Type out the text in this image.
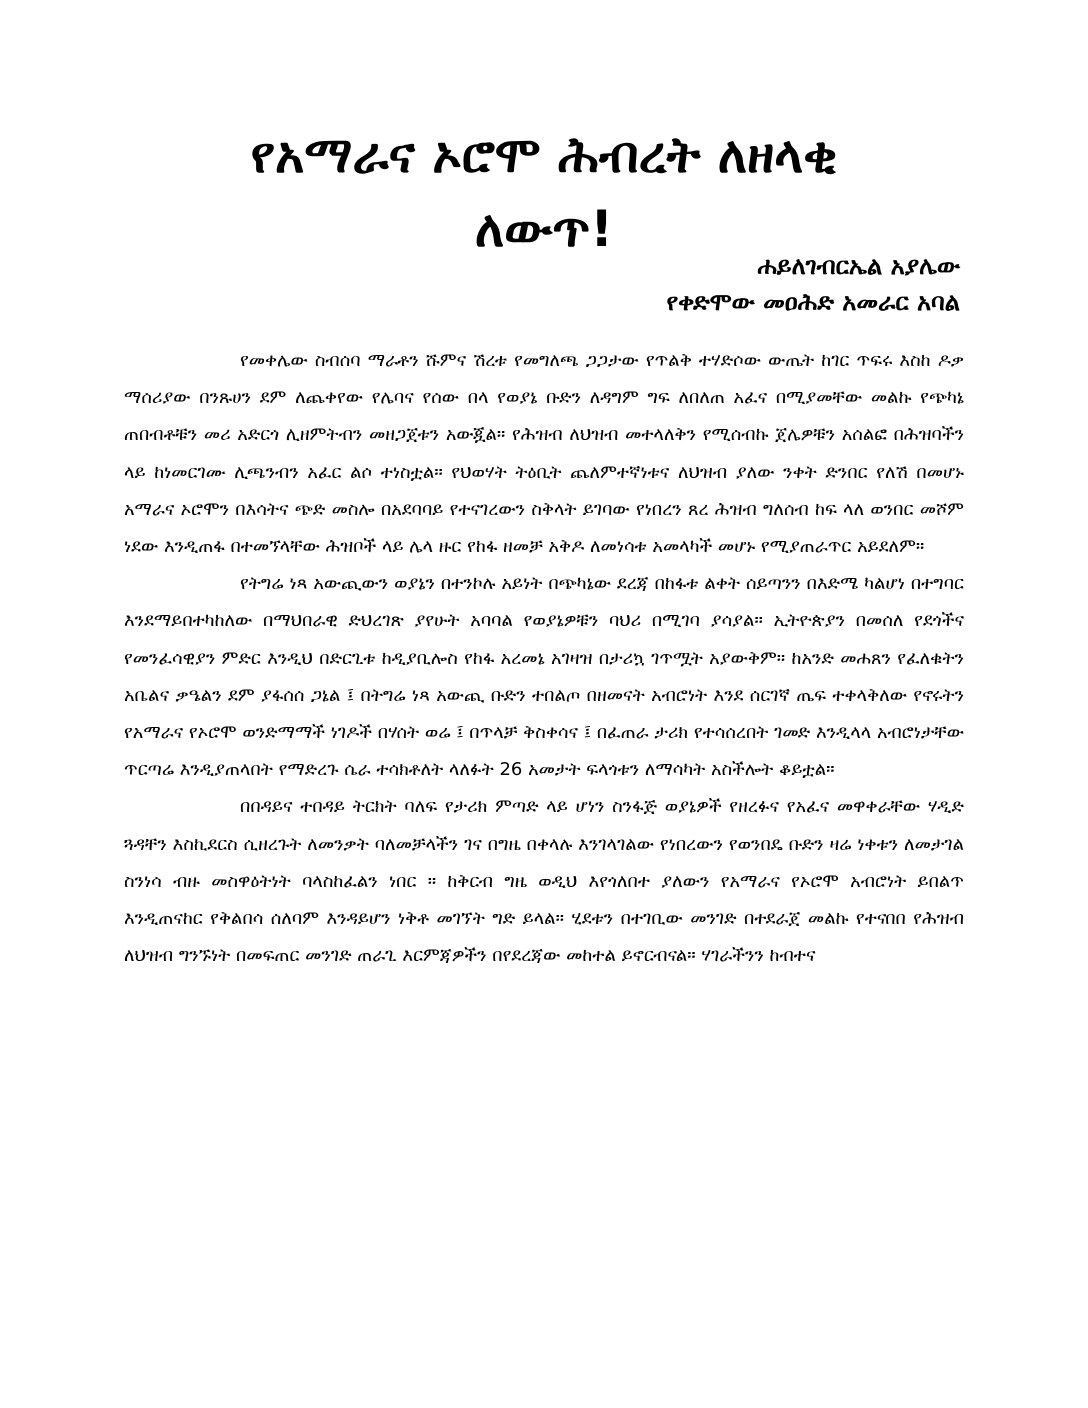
የአማራና ኦሮሞ ሕብረት ለዘላቂ
ለውጥ!
ሐይለገብርኤል አያሌው
የቀድሞው መዐሕድ አመራር አባል

የመቀሌው ስብሰባ ማራቶን ሹምና ሽረቱ የመግለጫ ጋጋታው የጥልቅ ተሃድሶው ውጤት ከገር ጥፍሩ እስከ ዶቃ ማሰሪያው በንጹሀን ደም ለጨቀየው የሌባና የሰው በላ የወያኔ ቡድን ለዳግም ግፍ ለበለጠ አፈና በሚያመቸው መልኩ የጭካኔ ጠበብቶቹን መሪ አድርጎ ሊዘምትብን መዘጋጀቱን አውጇል። የሕዝብ ለህዝብ መተላለቅን የሚሰብኩ ጀሌዎቹን አሰልፎ በሕዝባችን ላይ ከነመርገሙ ሊጫንብን አፈር ልሶ ተነስቷል። የህወሃት ትዕቢት ጨለምተኛነቱና ለህዝብ ያለው ንቀት ድንበር የለሽ በመሆኑ አማራና ኦሮሞን በእሳትና ጭድ መስሎ በአደባባይ የተናገረውን ስቅላት ይገባው የነበረን ጸረ ሕዝብ ግለሰብ ከፍ ላለ ወንበር መሾም ነደው እንዲጠፋ በተመኘላቸው ሕዝቦች ላይ ሌላ ዙር የከፋ ዘመቻ አቅዶ ለመነሳቱ አመላካች መሆኑ የሚያጠራጥር አይደለም።

የትግሬ ነጻ አውጪውን ወያኔን በተንኮሉ አይነት በጭካኔው ደረጃ በከፋቱ ልቀት ሰይጣንን በእድሜ ካልሆነ በተግባር እንደማይበተካከለው በማህበራዊ ድህረገጽ ያየሁት አባባል የወያኔዎቹን ባህሪ በሚገባ ያሳያል። ኢትዮጵያን በመሰለ የደጎችና የመንፈሳዊያን ምድር እንዲህ በድርጊቱ ከዲያቢሎስ የከፋ አረመኔ አገዛዝ በታሪኳ ገጥሟት አያውቅም። ከአንድ መሐጸን የፈለቁትን አቤልና ቃዔልን ደም ያፋሰሰ ጋኔል ፤ በትግሬ ነጻ አውጪ ቡድን ተበልጦ በዘመናት አብሮነት እንደ ሰርገኛ ጤፍ ተቀላቅለው የኖሩትን የአማራና የኦሮሞ ወንድማማች ነገዶች በሃሰት ወሬ ፤ በጥላቻ ቅስቀሳና ፤ በፈጠራ ታሪክ የተሳሰረበት ገመድ እንዲላላ አብሮነታቸው ጥርጣሬ እንዲያጠላበት የማድረጉ ሴራ ተሳክቶለት ላለፉት 26 አመታት ፍላጎቱን ለማሳካት አስችሎት ቆይቷል።

በበዳይና ተበዳይ ትርክት ባለፍ የታሪክ ምጣድ ላይ ሆነን ስንፋጅ ወያኔዎች የዘረፉና የአፈና መዋቀራቸው ሃዲድ ጓዳቸን እስኪደርስ ሲዘረጉት ለመንቃት ባለመቻላችን ገና በግዜ በቀላሉ እንገላገልው የነበረውን የወንበዴ ቡድን ዛሬ ነቀቱን ለመታገል ስንነሳ ብዙ መስዋዕትነት ባላስከፈልን ነበር ። ከቅርብ ግዜ ወዲህ እየጎለበተ ያለውን የአማራና የኦሮሞ አብሮነት ይበልጥ እንዲጠናከር የቅልበሳ ሰለባም እንዳይሆን ነቅቶ መገኘት ግድ ይላል። ሂደቱን በተገቢው መንገድ በተደራጀ መልኩ የተናበበ የሕዝብ ለህዝብ ግንኙነት በመፍጠር መንገድ ጠራጊ እርምጃዎችን በየደረጃው መከተል ይኖርብናል። ሃገራችንን ከብተና
